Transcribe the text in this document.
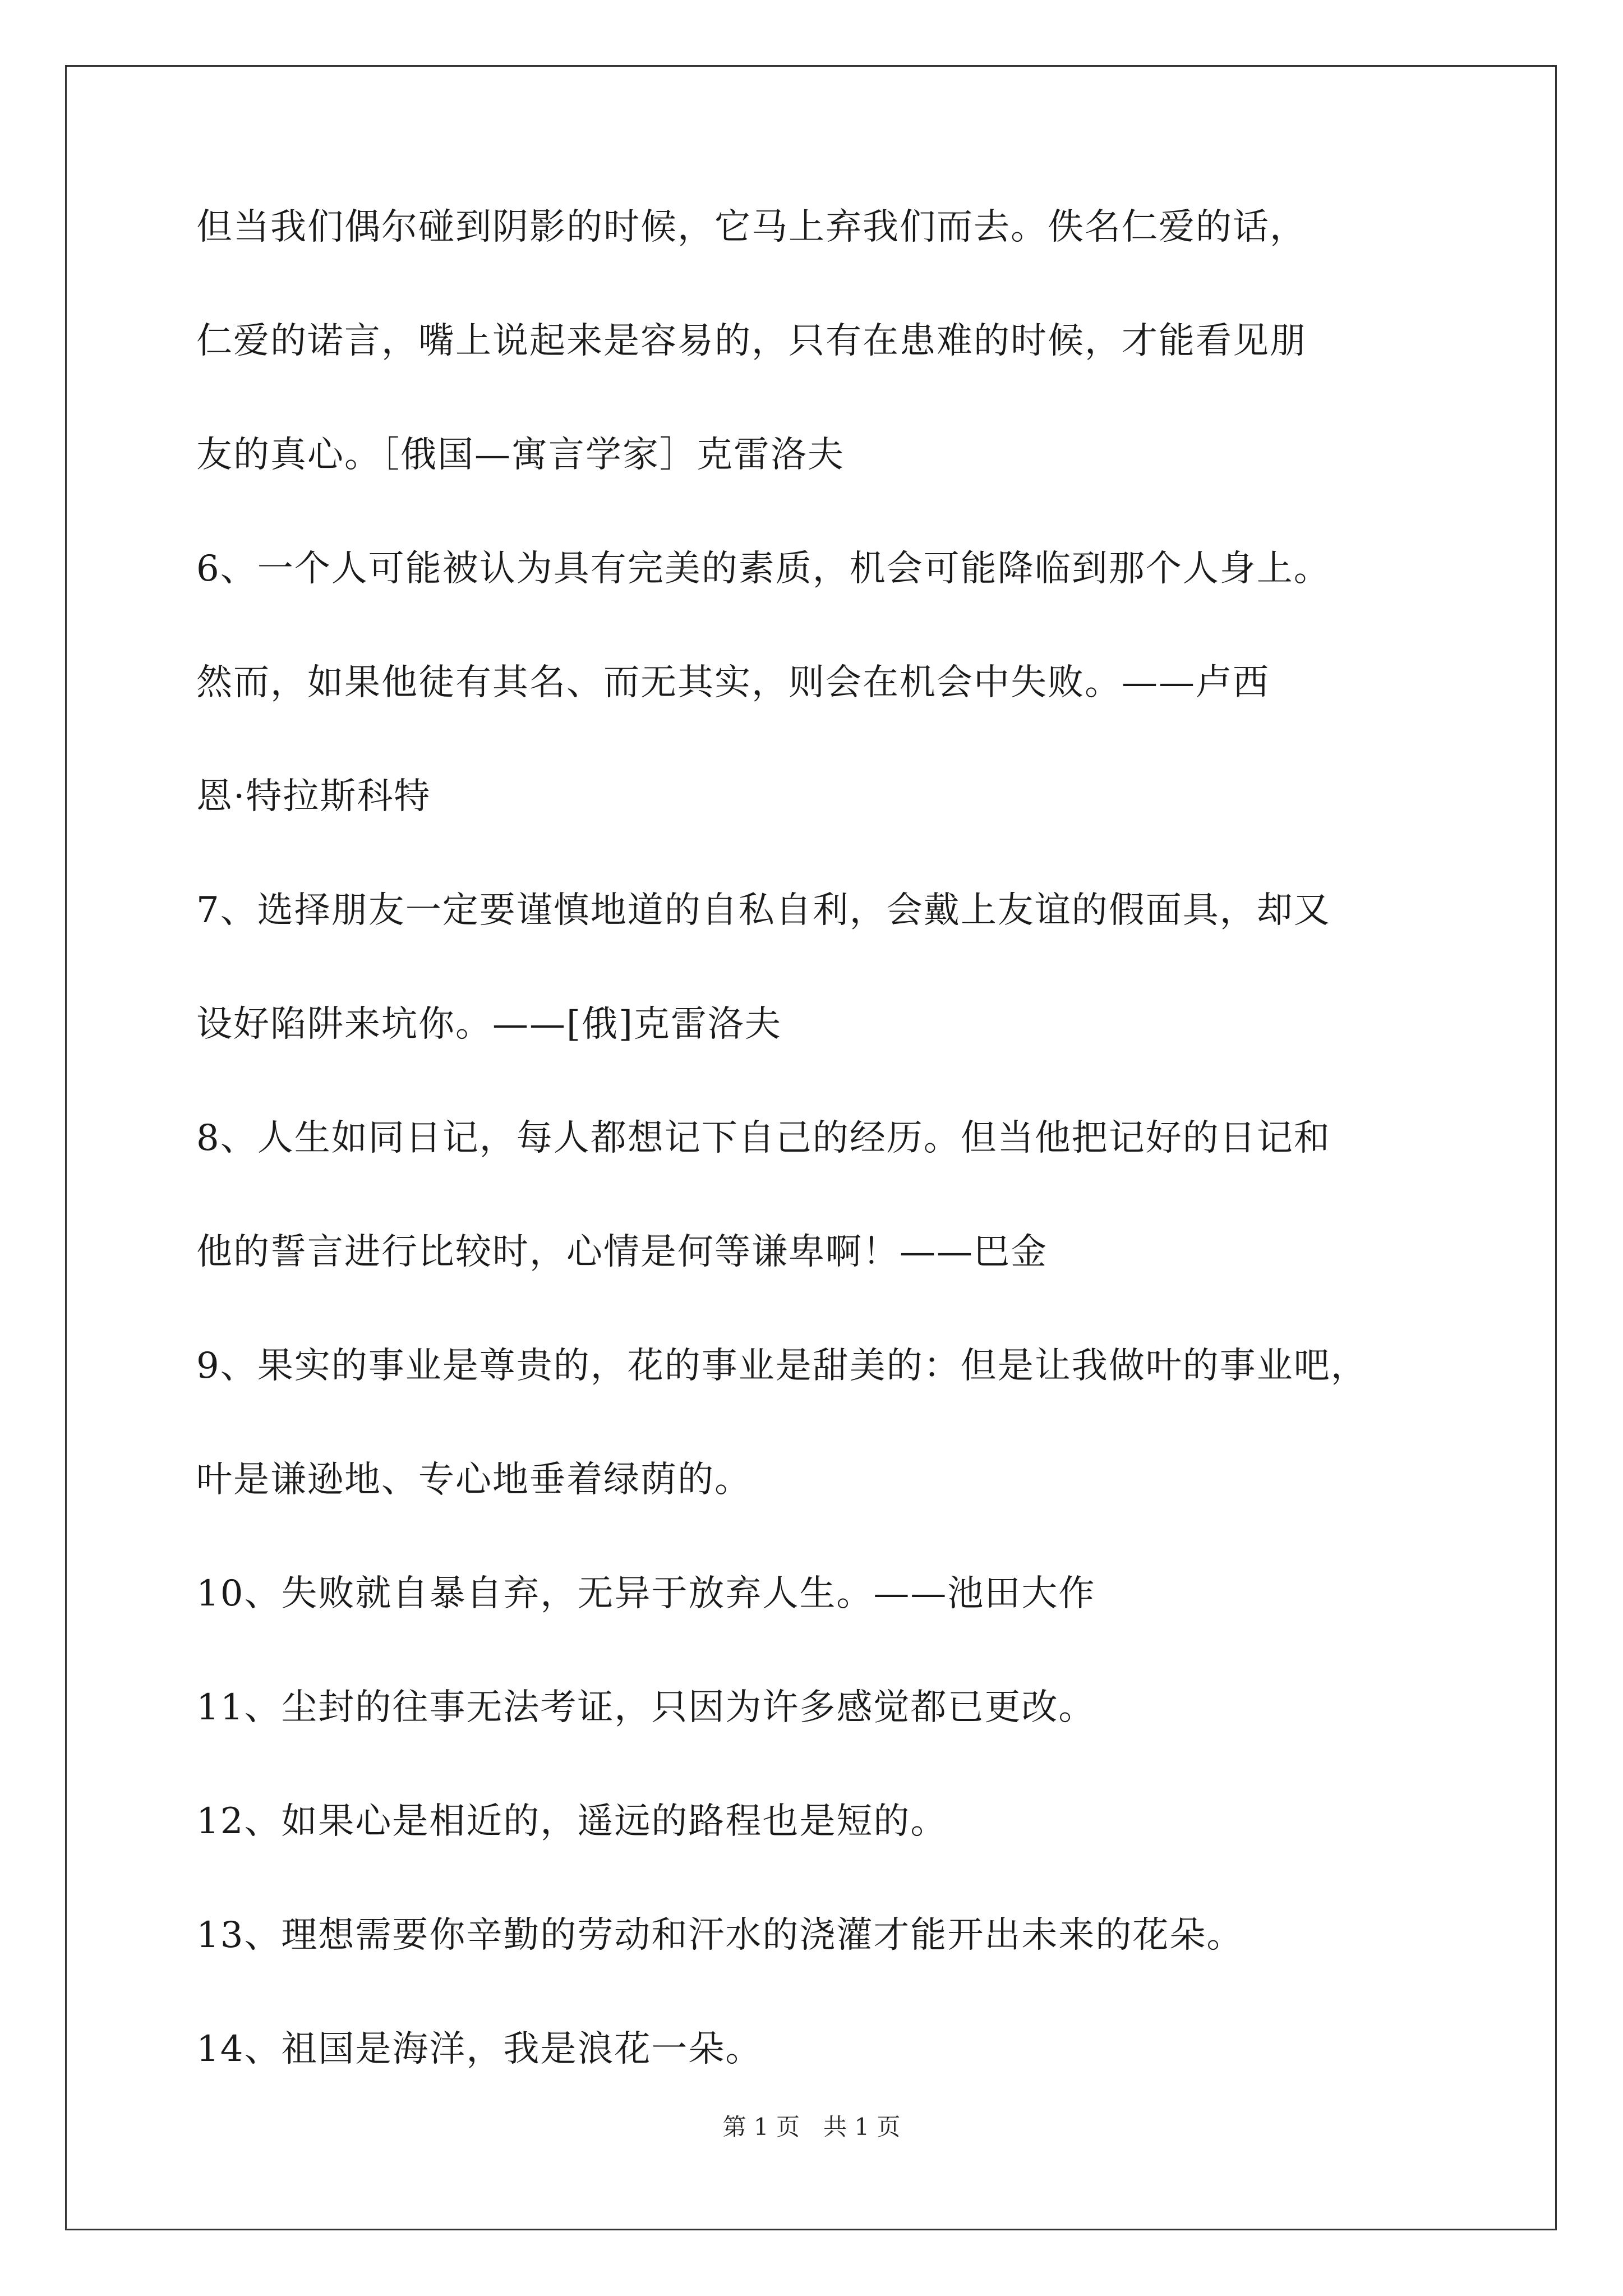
但当我们偶尔碰到阴影的时候，它马上弃我们而去。佚名仁爱的话，
仁爱的诺言，嘴上说起来是容易的，只有在患难的时候，才能看见朋
友的真心。［俄国—寓言学家］克雷洛夫
6、一个人可能被认为具有完美的素质，机会可能降临到那个人身上。
然而，如果他徒有其名、而无其实，则会在机会中失败。——卢西
恩·特拉斯科特
7、选择朋友一定要谨慎地道的自私自利，会戴上友谊的假面具，却又
设好陷阱来坑你。——[俄]克雷洛夫
8、人生如同日记，每人都想记下自己的经历。但当他把记好的日记和
他的誓言进行比较时，心情是何等谦卑啊！——巴金
9、果实的事业是尊贵的，花的事业是甜美的：但是让我做叶的事业吧，
叶是谦逊地、专心地垂着绿荫的。
10、失败就自暴自弃，无异于放弃人生。——池田大作
11、尘封的往事无法考证，只因为许多感觉都已更改。
12、如果心是相近的，遥远的路程也是短的。
13、理想需要你辛勤的劳动和汗水的浇灌才能开出未来的花朵。
14、祖国是海洋，我是浪花一朵。
第 1 页　共 1 页
